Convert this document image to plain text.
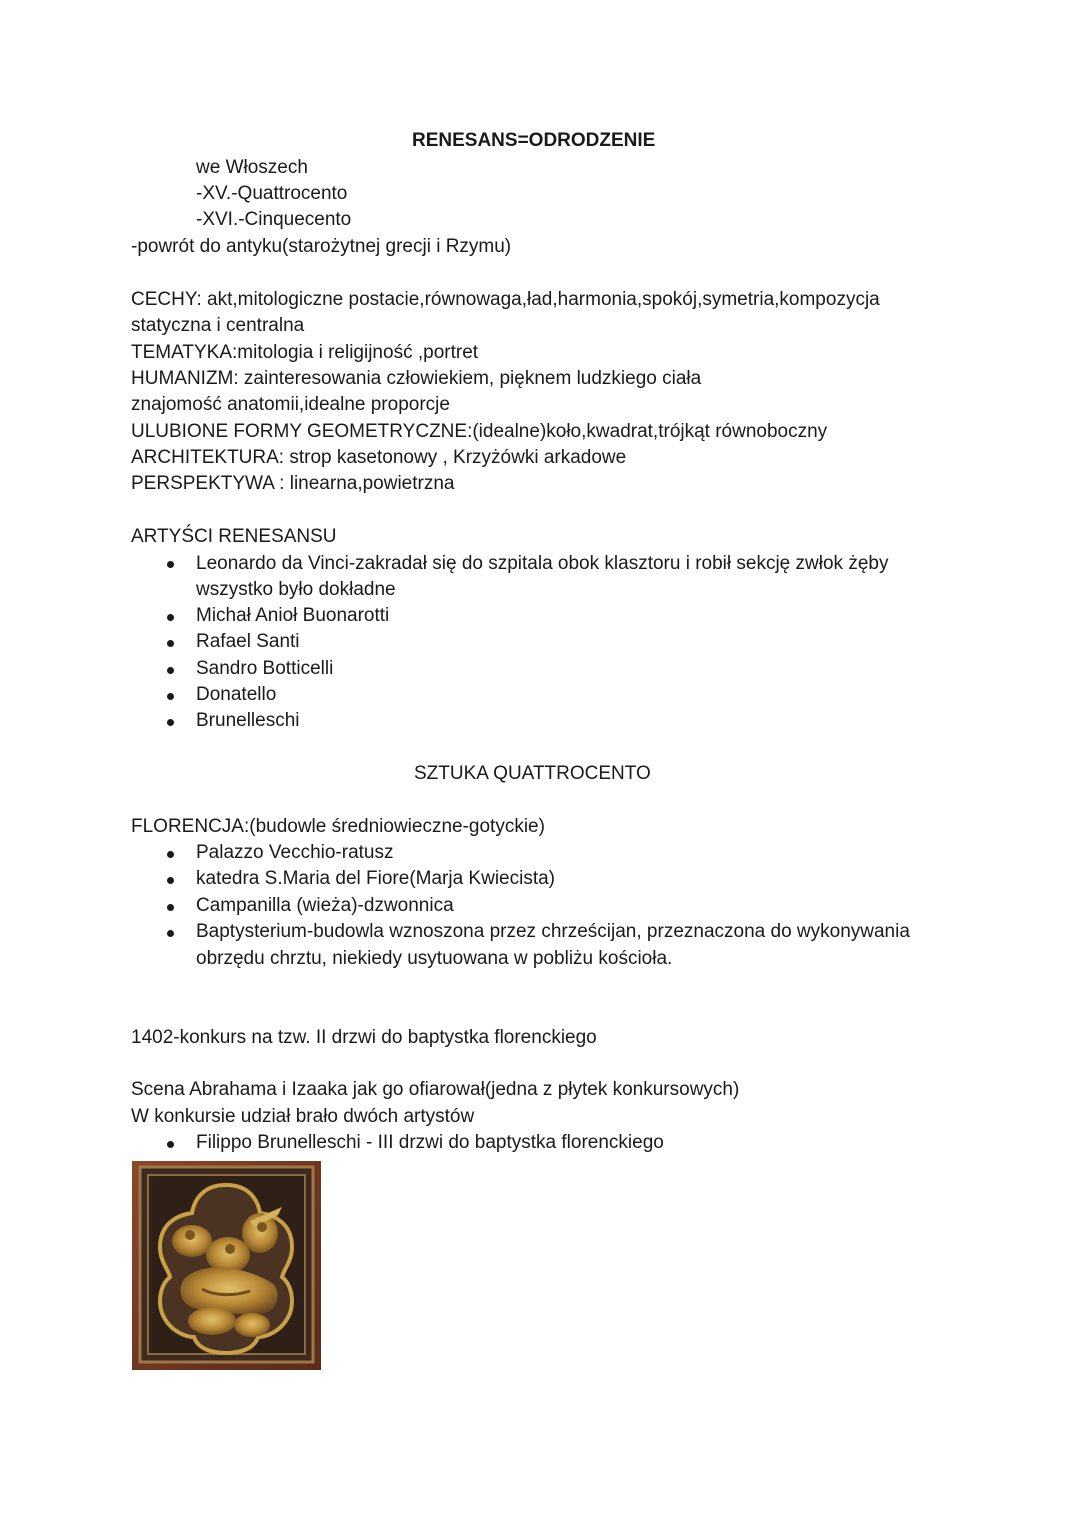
RENESANS=ODRODZENIE
we Włoszech
-XV.-Quattrocento
-XVI.-Cinquecento
-powrót do antyku(starożytnej grecji i Rzymu)
CECHY: akt,mitologiczne postacie,równowaga,ład,harmonia,spokój,symetria,kompozycja
statyczna i centralna
TEMATYKA:mitologia i religijność ,portret
HUMANIZM: zainteresowania człowiekiem, pięknem ludzkiego ciała
znajomość anatomii,idealne proporcje
ULUBIONE FORMY GEOMETRYCZNE:(idealne)koło,kwadrat,trójkąt równoboczny
ARCHITEKTURA: strop kasetonowy , Krzyżówki arkadowe
PERSPEKTYWA : linearna,powietrzna
ARTYŚCI RENESANSU
Leonardo da Vinci-zakradał się do szpitala obok klasztoru i robił sekcję zwłok żęby
wszystko było dokładne
Michał Anioł Buonarotti
Rafael Santi
Sandro Botticelli
Donatello
Brunelleschi
SZTUKA QUATTROCENTO
FLORENCJA:(budowle średniowieczne-gotyckie)
Palazzo Vecchio-ratusz
katedra S.Maria del Fiore(Marja Kwiecista)
Campanilla (wieża)-dzwonnica
Baptysterium-budowla wznoszona przez chrześcijan, przeznaczona do wykonywania
obrzędu chrztu, niekiedy usytuowana w pobliżu kościoła.
1402-konkurs na tzw. II drzwi do baptystka florenckiego
Scena Abrahama i Izaaka jak go ofiarował(jedna z płytek konkursowych)
W konkursie udział brało dwóch artystów
Filippo Brunelleschi - III drzwi do baptystka florenckiego
